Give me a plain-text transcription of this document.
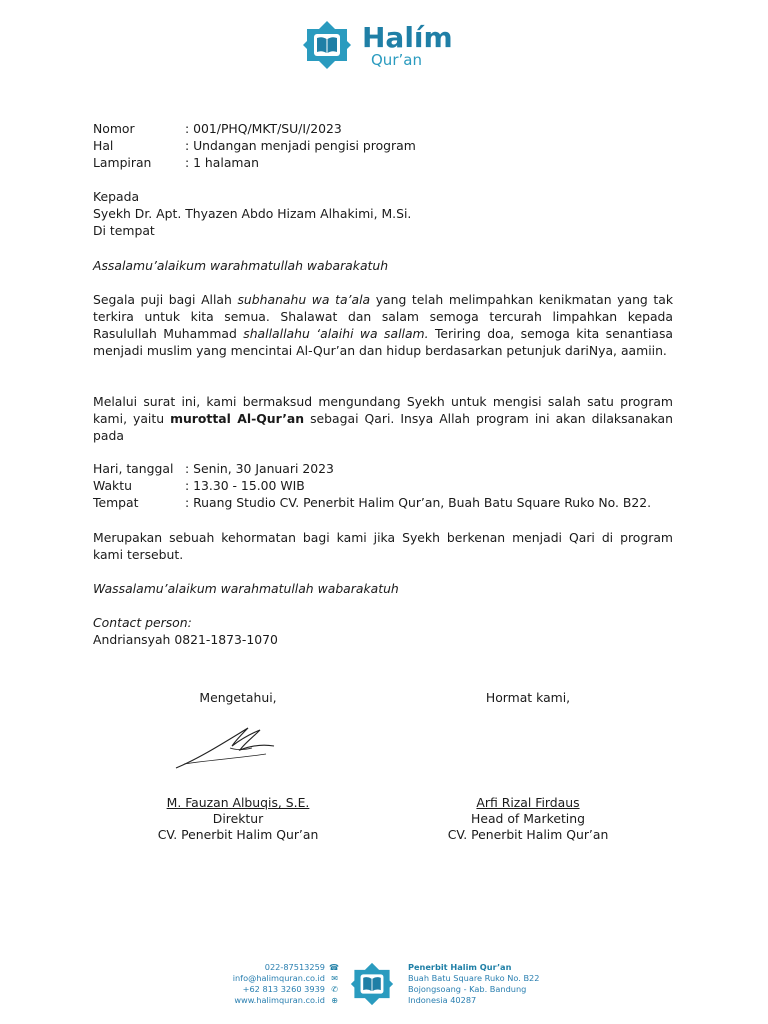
Halím
Qur’an
Nomor	: 001/PHQ/MKT/SU/I/2023
Hal	: Undangan menjadi pengisi program
Lampiran	: 1 halaman
Kepada
Syekh Dr. Apt. Thyazen Abdo Hizam Alhakimi, M.Si.
Di tempat
Assalamu’alaikum warahmatullah wabarakatuh
Segala puji bagi Allah subhanahu wa ta’ala yang telah melimpahkan kenikmatan yang tak terkira untuk kita semua. Shalawat dan salam semoga tercurah limpahkan kepada Rasulullah Muhammad shallallahu ‘alaihi wa sallam. Teriring doa, semoga kita senantiasa menjadi muslim yang mencintai Al-Qur’an dan hidup berdasarkan petunjuk dariNya, aamiin.
Melalui surat ini, kami bermaksud mengundang Syekh untuk mengisi salah satu program kami, yaitu murottal Al-Qur’an sebagai Qari. Insya Allah program ini akan dilaksanakan pada
Hari, tanggal : Senin, 30 Januari 2023
Waktu	: 13.30 - 15.00 WIB
Tempat	: Ruang Studio CV. Penerbit Halim Qur’an, Buah Batu Square Ruko No. B22.
Merupakan sebuah kehormatan bagi kami jika Syekh berkenan menjadi Qari di program kami tersebut.
Wassalamu’alaikum warahmatullah wabarakatuh
Contact person:
Andriansyah 0821-1873-1070
Mengetahui,	Hormat kami,
M. Fauzan Albuqis, S.E.
Direktur
CV. Penerbit Halim Qur’an
Arfi Rizal Firdaus
Head of Marketing
CV. Penerbit Halim Qur’an
022-87513259 ☎
info@halimquran.co.id ✉
+62 813 3260 3939 ✆
www.halimquran.co.id ⊕
Penerbit Halim Qur’an
Buah Batu Square Ruko No. B22
Bojongsoang - Kab. Bandung
Indonesia 40287
